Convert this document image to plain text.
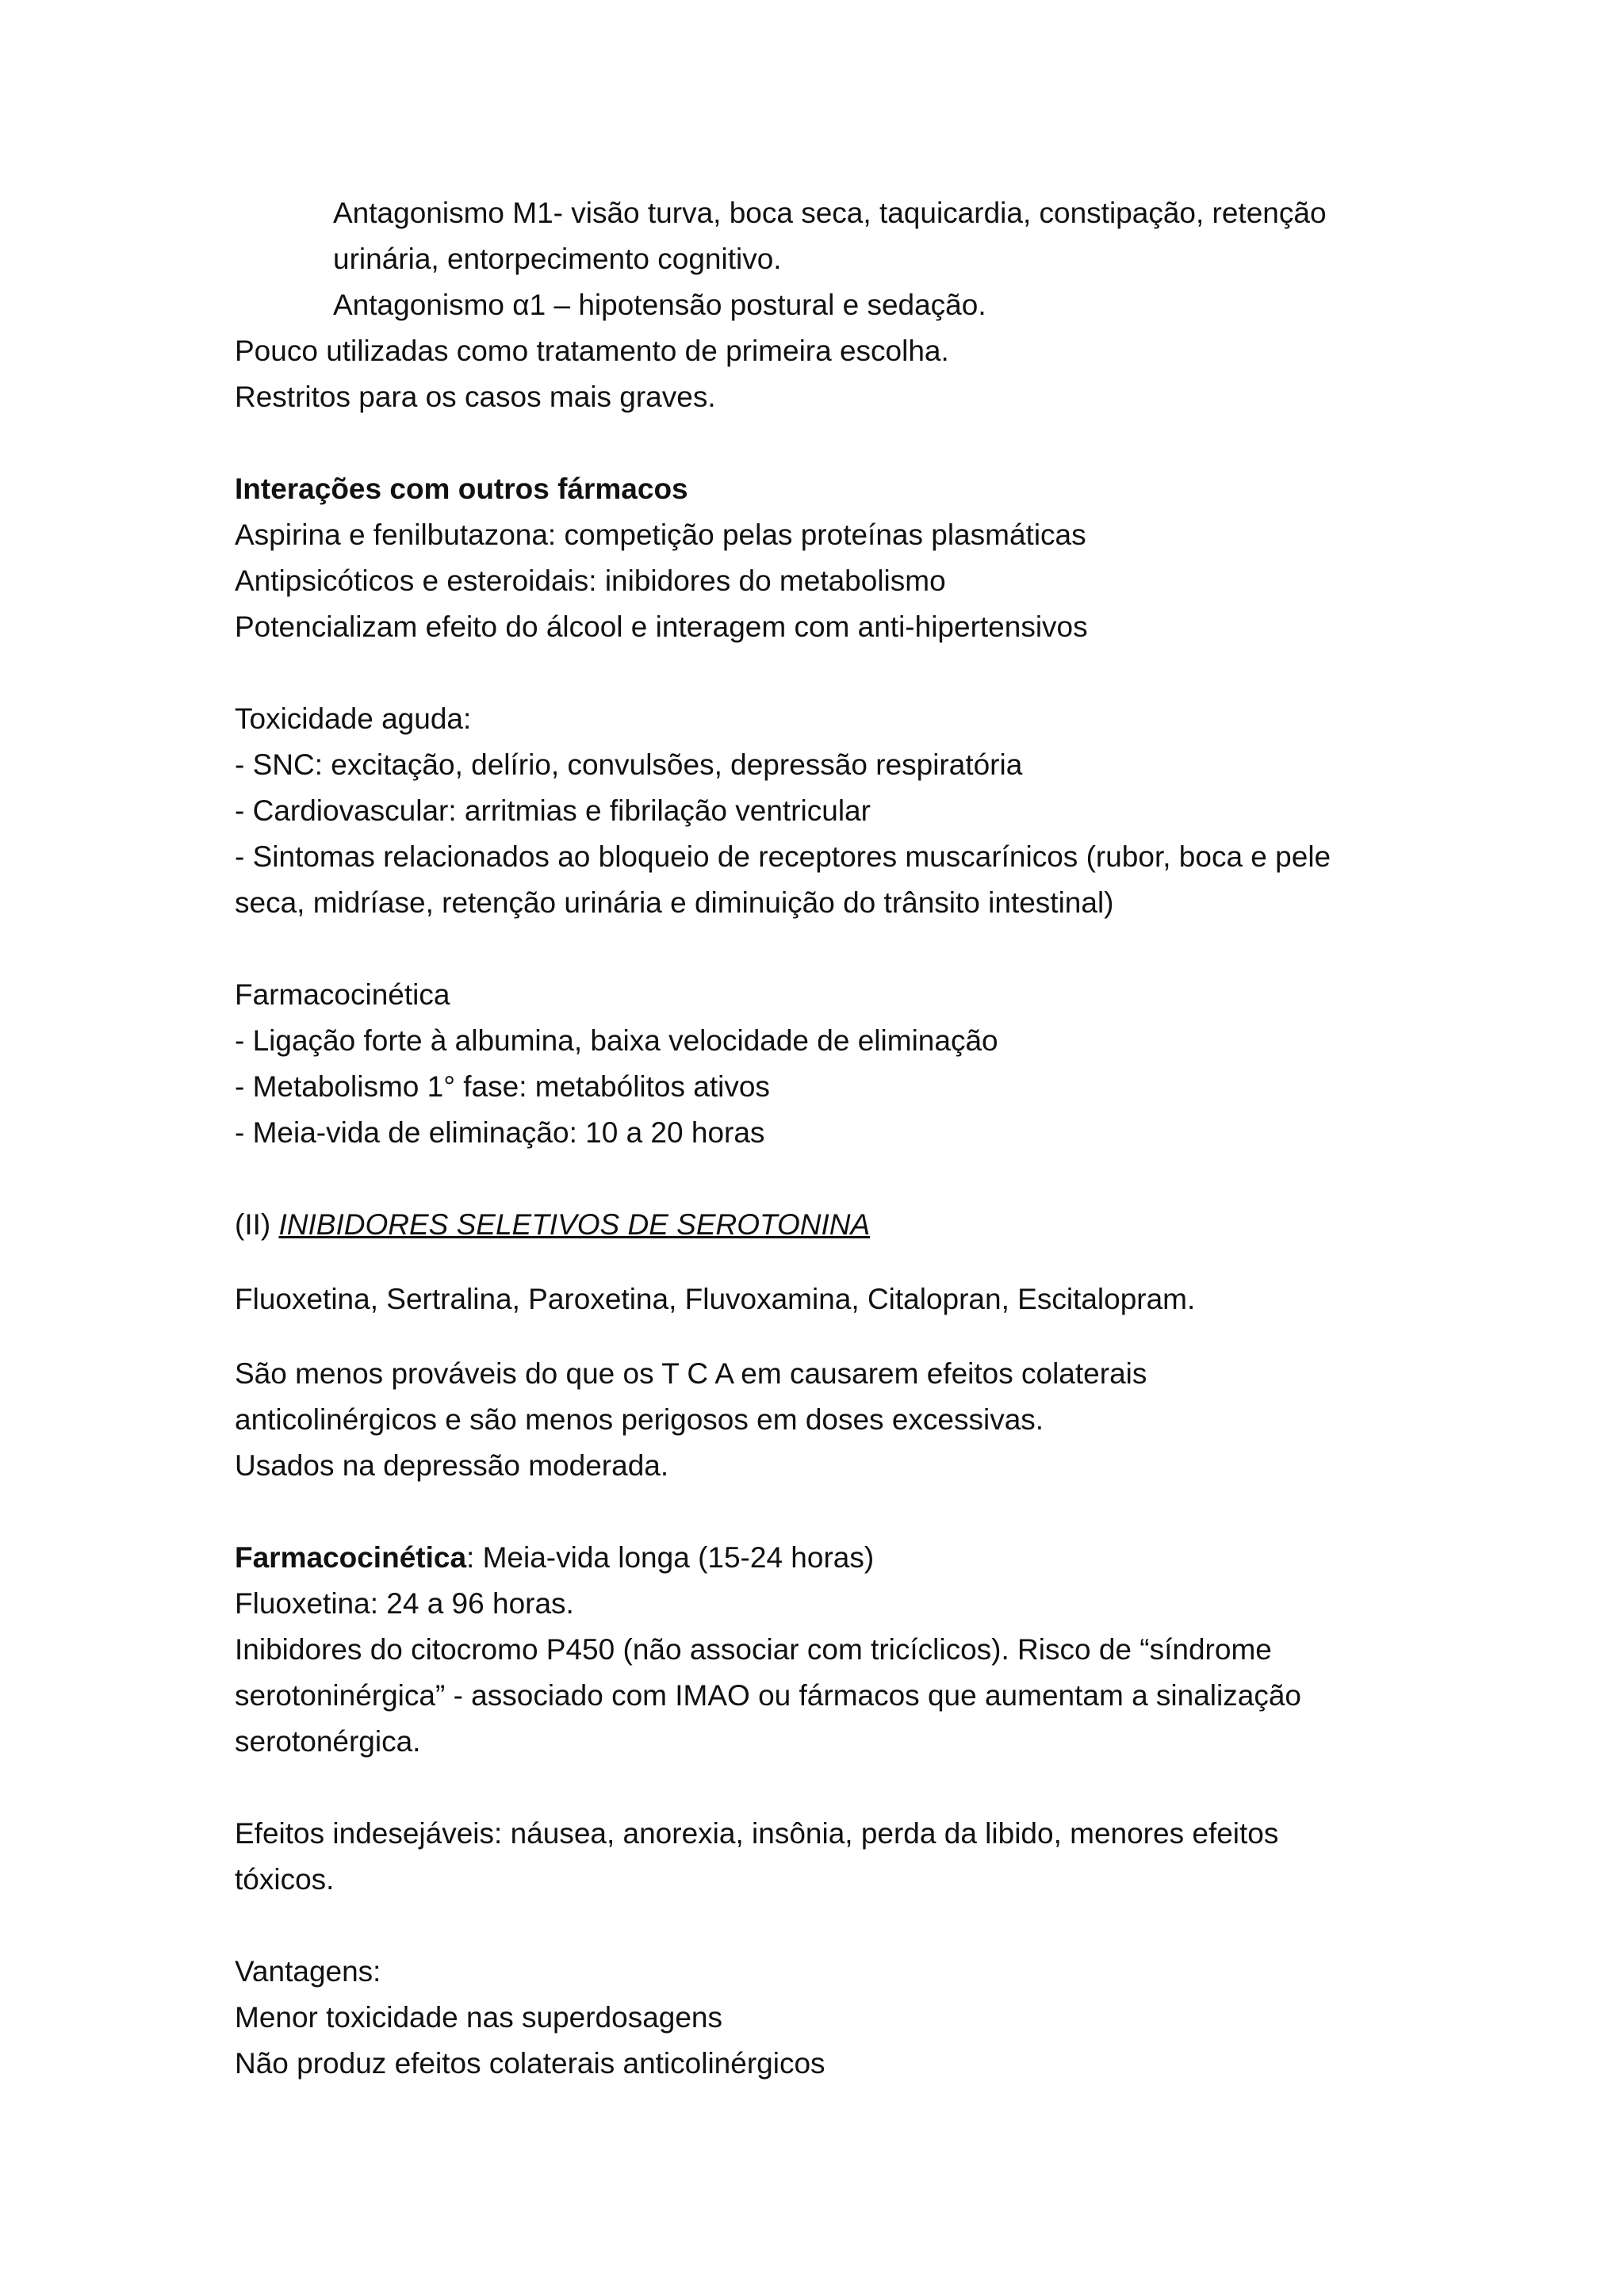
Antagonismo M1- visão turva, boca seca, taquicardia, constipação, retenção
urinária, entorpecimento cognitivo.
Antagonismo α1 – hipotensão postural e sedação.
Pouco utilizadas como tratamento de primeira escolha.
Restritos para os casos mais graves.
Interações com outros fármacos
Aspirina e fenilbutazona: competição pelas proteínas plasmáticas
Antipsicóticos e esteroidais: inibidores do metabolismo
Potencializam efeito do álcool e interagem com anti-hipertensivos
Toxicidade aguda:
- SNC: excitação, delírio, convulsões, depressão respiratória
- Cardiovascular: arritmias e fibrilação ventricular
- Sintomas relacionados ao bloqueio de receptores muscarínicos (rubor, boca e pele
seca, midríase, retenção urinária e diminuição do trânsito intestinal)
Farmacocinética
- Ligação forte à albumina, baixa velocidade de eliminação
- Metabolismo 1° fase: metabólitos ativos
- Meia-vida de eliminação: 10 a 20 horas
(II) INIBIDORES SELETIVOS DE SEROTONINA
Fluoxetina, Sertralina, Paroxetina, Fluvoxamina, Citalopran, Escitalopram.
São menos prováveis do que os T C A em causarem efeitos colaterais
anticolinérgicos e são menos perigosos em doses excessivas.
Usados na depressão moderada.
Farmacocinética: Meia-vida longa (15-24 horas)
Fluoxetina: 24 a 96 horas.
Inibidores do citocromo P450 (não associar com tricíclicos). Risco de “síndrome
serotoninérgica” - associado com IMAO ou fármacos que aumentam a sinalização
serotonérgica.
Efeitos indesejáveis: náusea, anorexia, insônia, perda da libido, menores efeitos
tóxicos.
Vantagens:
Menor toxicidade nas superdosagens
Não produz efeitos colaterais anticolinérgicos
